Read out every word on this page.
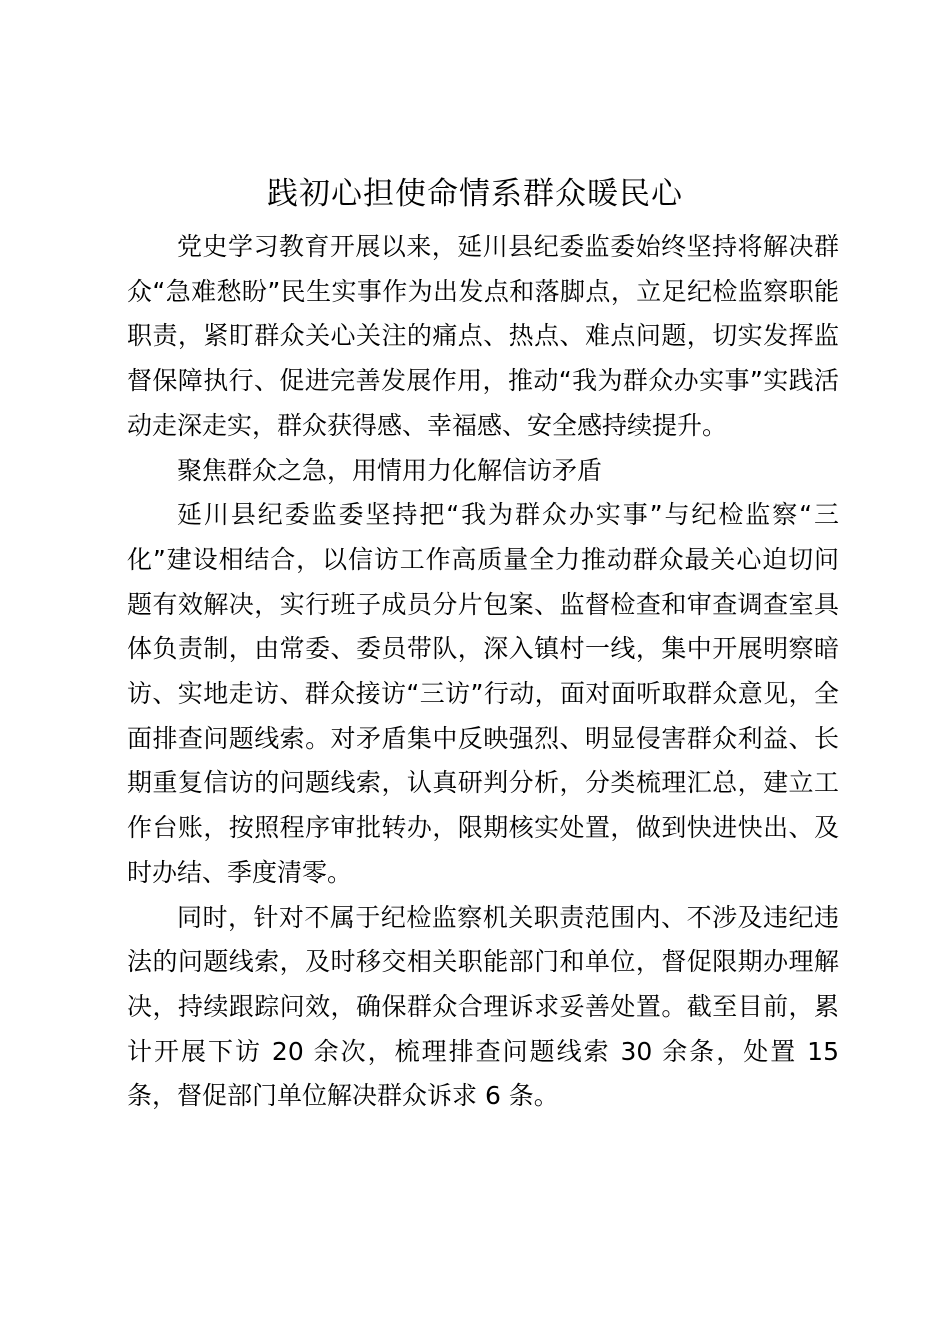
践初心担使命情系群众暖民心

党史学习教育开展以来，延川县纪委监委始终坚持将解决群众“急难愁盼”民生实事作为出发点和落脚点，立足纪检监察职能职责，紧盯群众关心关注的痛点、热点、难点问题，切实发挥监督保障执行、促进完善发展作用，推动“我为群众办实事”实践活动走深走实，群众获得感、幸福感、安全感持续提升。

聚焦群众之急，用情用力化解信访矛盾

延川县纪委监委坚持把“我为群众办实事”与纪检监察“三化”建设相结合，以信访工作高质量全力推动群众最关心迫切问题有效解决，实行班子成员分片包案、监督检查和审查调查室具体负责制，由常委、委员带队，深入镇村一线，集中开展明察暗访、实地走访、群众接访“三访”行动，面对面听取群众意见，全面排查问题线索。对矛盾集中反映强烈、明显侵害群众利益、长期重复信访的问题线索，认真研判分析，分类梳理汇总，建立工作台账，按照程序审批转办，限期核实处置，做到快进快出、及时办结、季度清零。

同时，针对不属于纪检监察机关职责范围内、不涉及违纪违法的问题线索，及时移交相关职能部门和单位，督促限期办理解决，持续跟踪问效，确保群众合理诉求妥善处置。截至目前，累计开展下访 20 余次，梳理排查问题线索 30 余条，处置 15 条，督促部门单位解决群众诉求 6 条。
